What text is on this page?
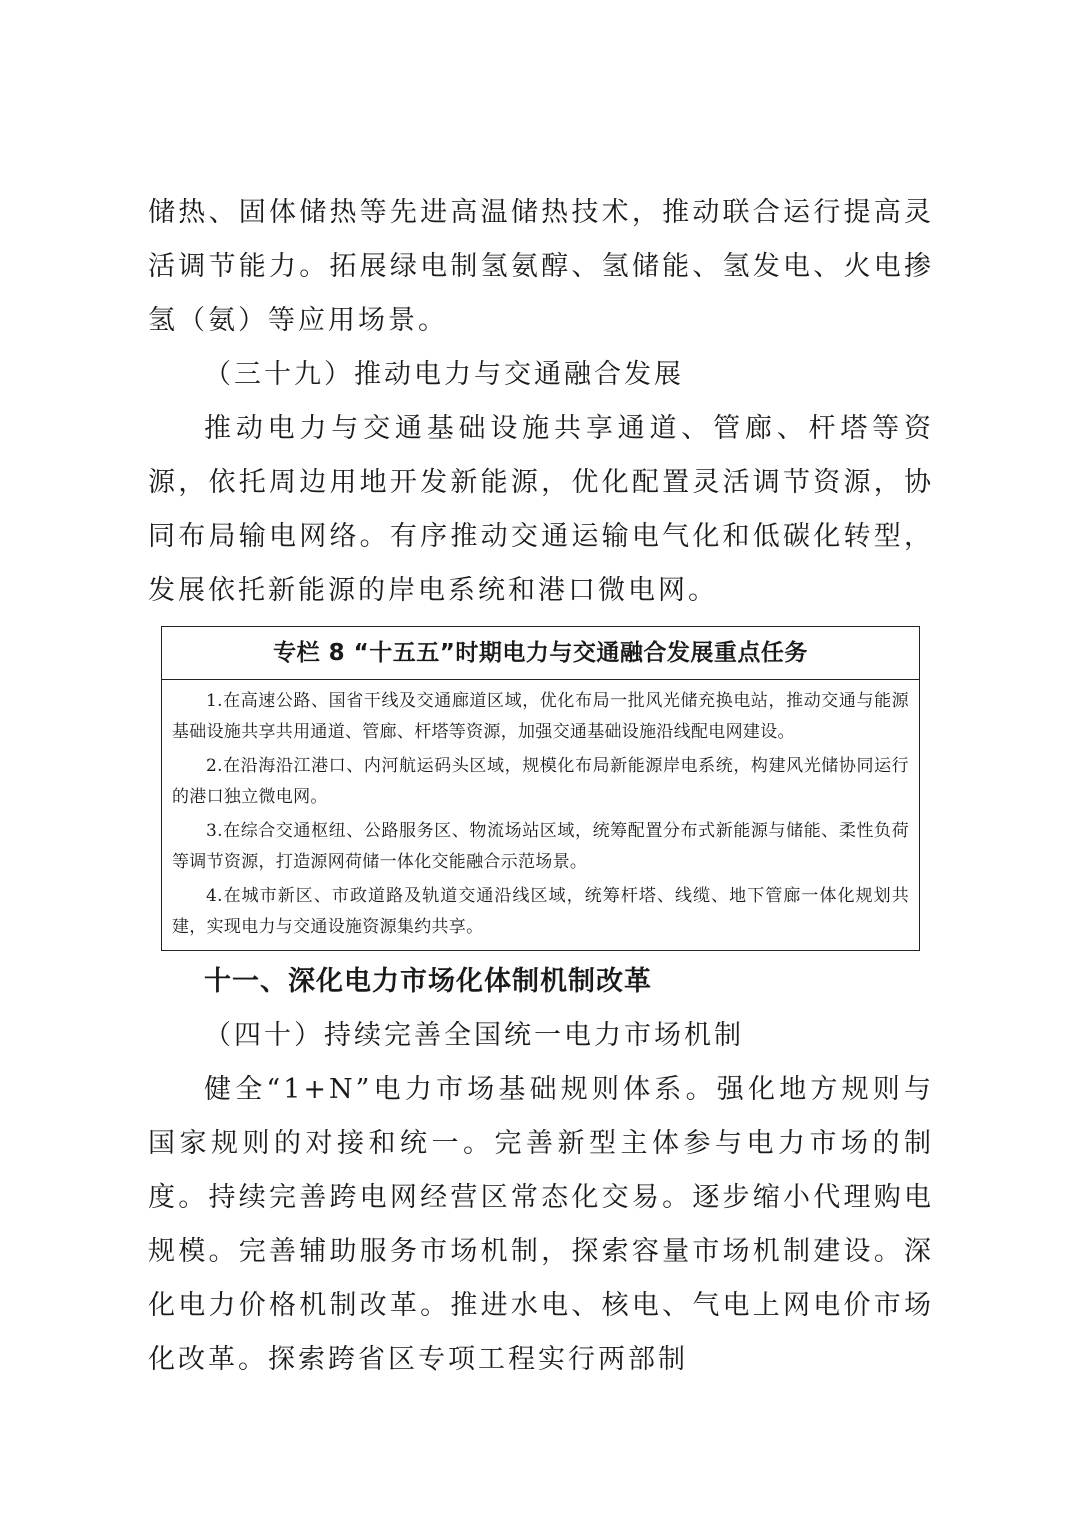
储热、固体储热等先进高温储热技术，推动联合运行提高灵活调节能力。拓展绿电制氢氨醇、氢储能、氢发电、火电掺氢（氨）等应用场景。

（三十九）推动电力与交通融合发展

推动电力与交通基础设施共享通道、管廊、杆塔等资源，依托周边用地开发新能源，优化配置灵活调节资源，协同布局输电网络。有序推动交通运输电气化和低碳化转型，发展依托新能源的岸电系统和港口微电网。

专栏 8 “十五五”时期电力与交通融合发展重点任务

1.在高速公路、国省干线及交通廊道区域，优化布局一批风光储充换电站，推动交通与能源基础设施共享共用通道、管廊、杆塔等资源，加强交通基础设施沿线配电网建设。

2.在沿海沿江港口、内河航运码头区域，规模化布局新能源岸电系统，构建风光储协同运行的港口独立微电网。

3.在综合交通枢纽、公路服务区、物流场站区域，统筹配置分布式新能源与储能、柔性负荷等调节资源，打造源网荷储一体化交能融合示范场景。

4.在城市新区、市政道路及轨道交通沿线区域，统筹杆塔、线缆、地下管廊一体化规划共建，实现电力与交通设施资源集约共享。

十一、深化电力市场化体制机制改革

（四十）持续完善全国统一电力市场机制

健全“1+N”电力市场基础规则体系。强化地方规则与国家规则的对接和统一。完善新型主体参与电力市场的制度。持续完善跨电网经营区常态化交易。逐步缩小代理购电规模。完善辅助服务市场机制，探索容量市场机制建设。深化电力价格机制改革。推进水电、核电、气电上网电价市场化改革。探索跨省区专项工程实行两部制
